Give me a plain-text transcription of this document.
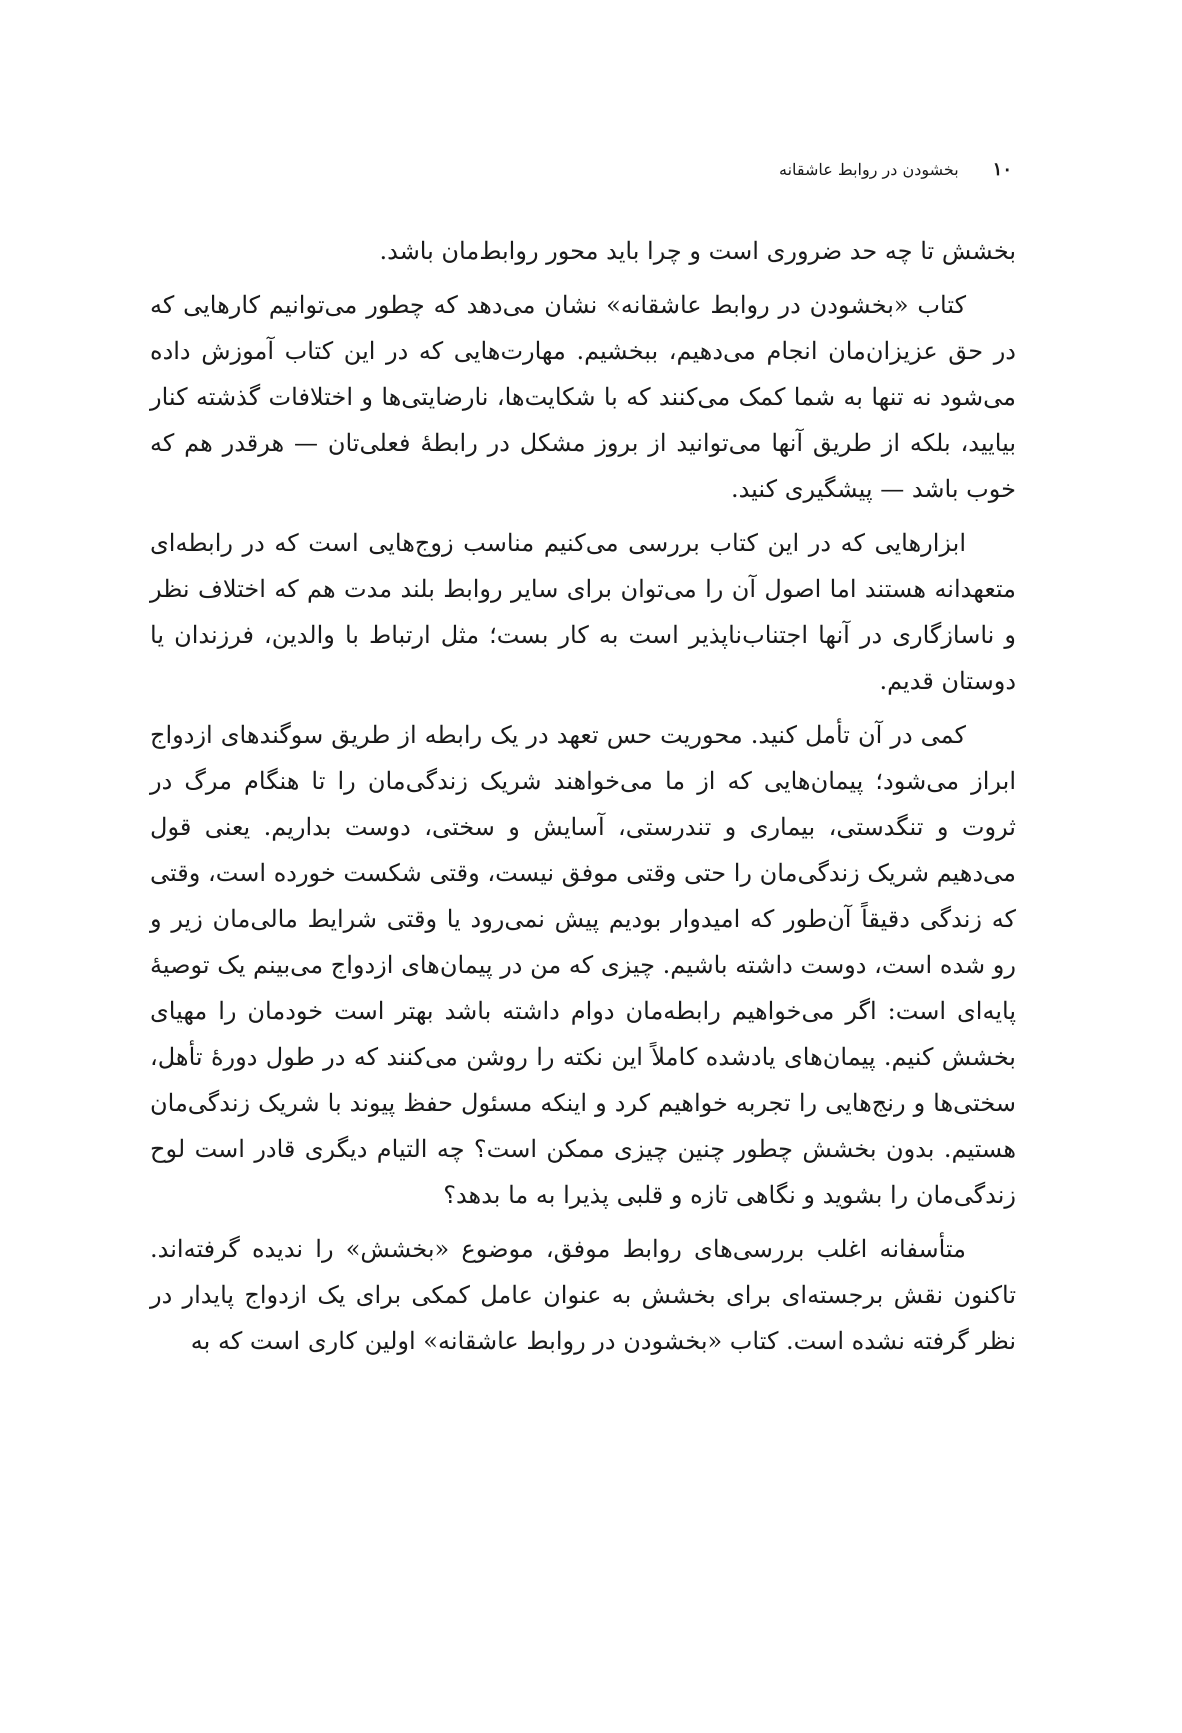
۱۰
بخشودن در روابط عاشقانه

بخشش تا چه حد ضروری است و چرا باید محور روابط‌مان باشد.

کتاب «بخشودن در روابط عاشقانه» نشان می‌دهد که چطور می‌توانیم کارهایی که در حق عزیزان‌مان انجام می‌دهیم، ببخشیم. مهارت‌هایی که در این کتاب آموزش داده می‌شود نه تنها به شما کمک می‌کنند که با شکایت‌ها، نارضایتی‌ها و اختلافات گذشته کنار بیایید، بلکه از طریق آنها می‌توانید از بروز مشکل در رابطهٔ فعلی‌تان — هرقدر هم که خوب باشد — پیشگیری کنید.

ابزارهایی که در این کتاب بررسی می‌کنیم مناسب زوج‌هایی است که در رابطه‌ای متعهدانه هستند اما اصول آن را می‌توان برای سایر روابط بلند مدت هم که اختلاف نظر و ناسازگاری در آنها اجتناب‌ناپذیر است به کار بست؛ مثل ارتباط با والدین، فرزندان یا دوستان قدیم.

کمی در آن تأمل کنید. محوریت حس تعهد در یک رابطه از طریق سوگندهای ازدواج ابراز می‌شود؛ پیمان‌هایی که از ما می‌خواهند شریک زندگی‌مان را تا هنگام مرگ در ثروت و تنگدستی، بیماری و تندرستی، آسایش و سختی، دوست بداریم. یعنی قول می‌دهیم شریک زندگی‌مان را حتی وقتی موفق نیست، وقتی شکست خورده است، وقتی که زندگی دقیقاً آن‌طور که امیدوار بودیم پیش نمی‌رود یا وقتی شرایط مالی‌مان زیر و رو شده است، دوست داشته باشیم. چیزی که من در پیمان‌های ازدواج می‌بینم یک توصیهٔ پایه‌ای است: اگر می‌خواهیم رابطه‌مان دوام داشته باشد بهتر است خودمان را مهیای بخشش کنیم. پیمان‌های یادشده کاملاً این نکته را روشن می‌کنند که در طول دورهٔ تأهل، سختی‌ها و رنج‌هایی را تجربه خواهیم کرد و اینکه مسئول حفظ پیوند با شریک زندگی‌مان هستیم. بدون بخشش چطور چنین چیزی ممکن است؟ چه التیام دیگری قادر است لوح زندگی‌مان را بشوید و نگاهی تازه و قلبی پذیرا به ما بدهد؟

متأسفانه اغلب بررسی‌های روابط موفق، موضوع «بخشش» را ندیده گرفته‌اند. تاکنون نقش برجسته‌ای برای بخشش به عنوان عامل کمکی برای یک ازدواج پایدار در نظر گرفته نشده است. کتاب «بخشودن در روابط عاشقانه» اولین کاری است که به
